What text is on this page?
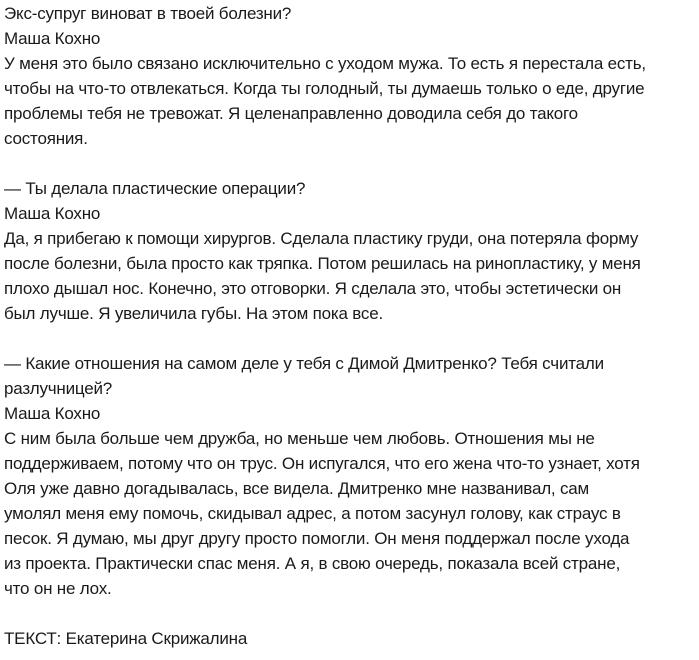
Экс-супруг виноват в твоей болезни?
Маша Кохно
У меня это было связано исключительно с уходом мужа. То есть я перестала есть,
чтобы на что-то отвлекаться. Когда ты голодный, ты думаешь только о еде, другие
проблемы тебя не тревожат. Я целенаправленно доводила себя до такого
состояния.
— Ты делала пластические операции?
Маша Кохно
Да, я прибегаю к помощи хирургов. Сделала пластику груди, она потеряла форму
после болезни, была просто как тряпка. Потом решилась на ринопластику, у меня
плохо дышал нос. Конечно, это отговорки. Я сделала это, чтобы эстетически он
был лучше. Я увеличила губы. На этом пока все.
— Какие отношения на самом деле у тебя с Димой Дмитренко? Тебя считали
разлучницей?
Маша Кохно
С ним была больше чем дружба, но меньше чем любовь. Отношения мы не
поддерживаем, потому что он трус. Он испугался, что его жена что-то узнает, хотя
Оля уже давно догадывалась, все видела. Дмитренко мне названивал, сам
умолял меня ему помочь, скидывал адрес, а потом засунул голову, как страус в
песок. Я думаю, мы друг другу просто помогли. Он меня поддержал после ухода
из проекта. Практически спас меня. А я, в свою очередь, показала всей стране,
что он не лох.
ТЕКСТ: Екатерина Скрижалина
